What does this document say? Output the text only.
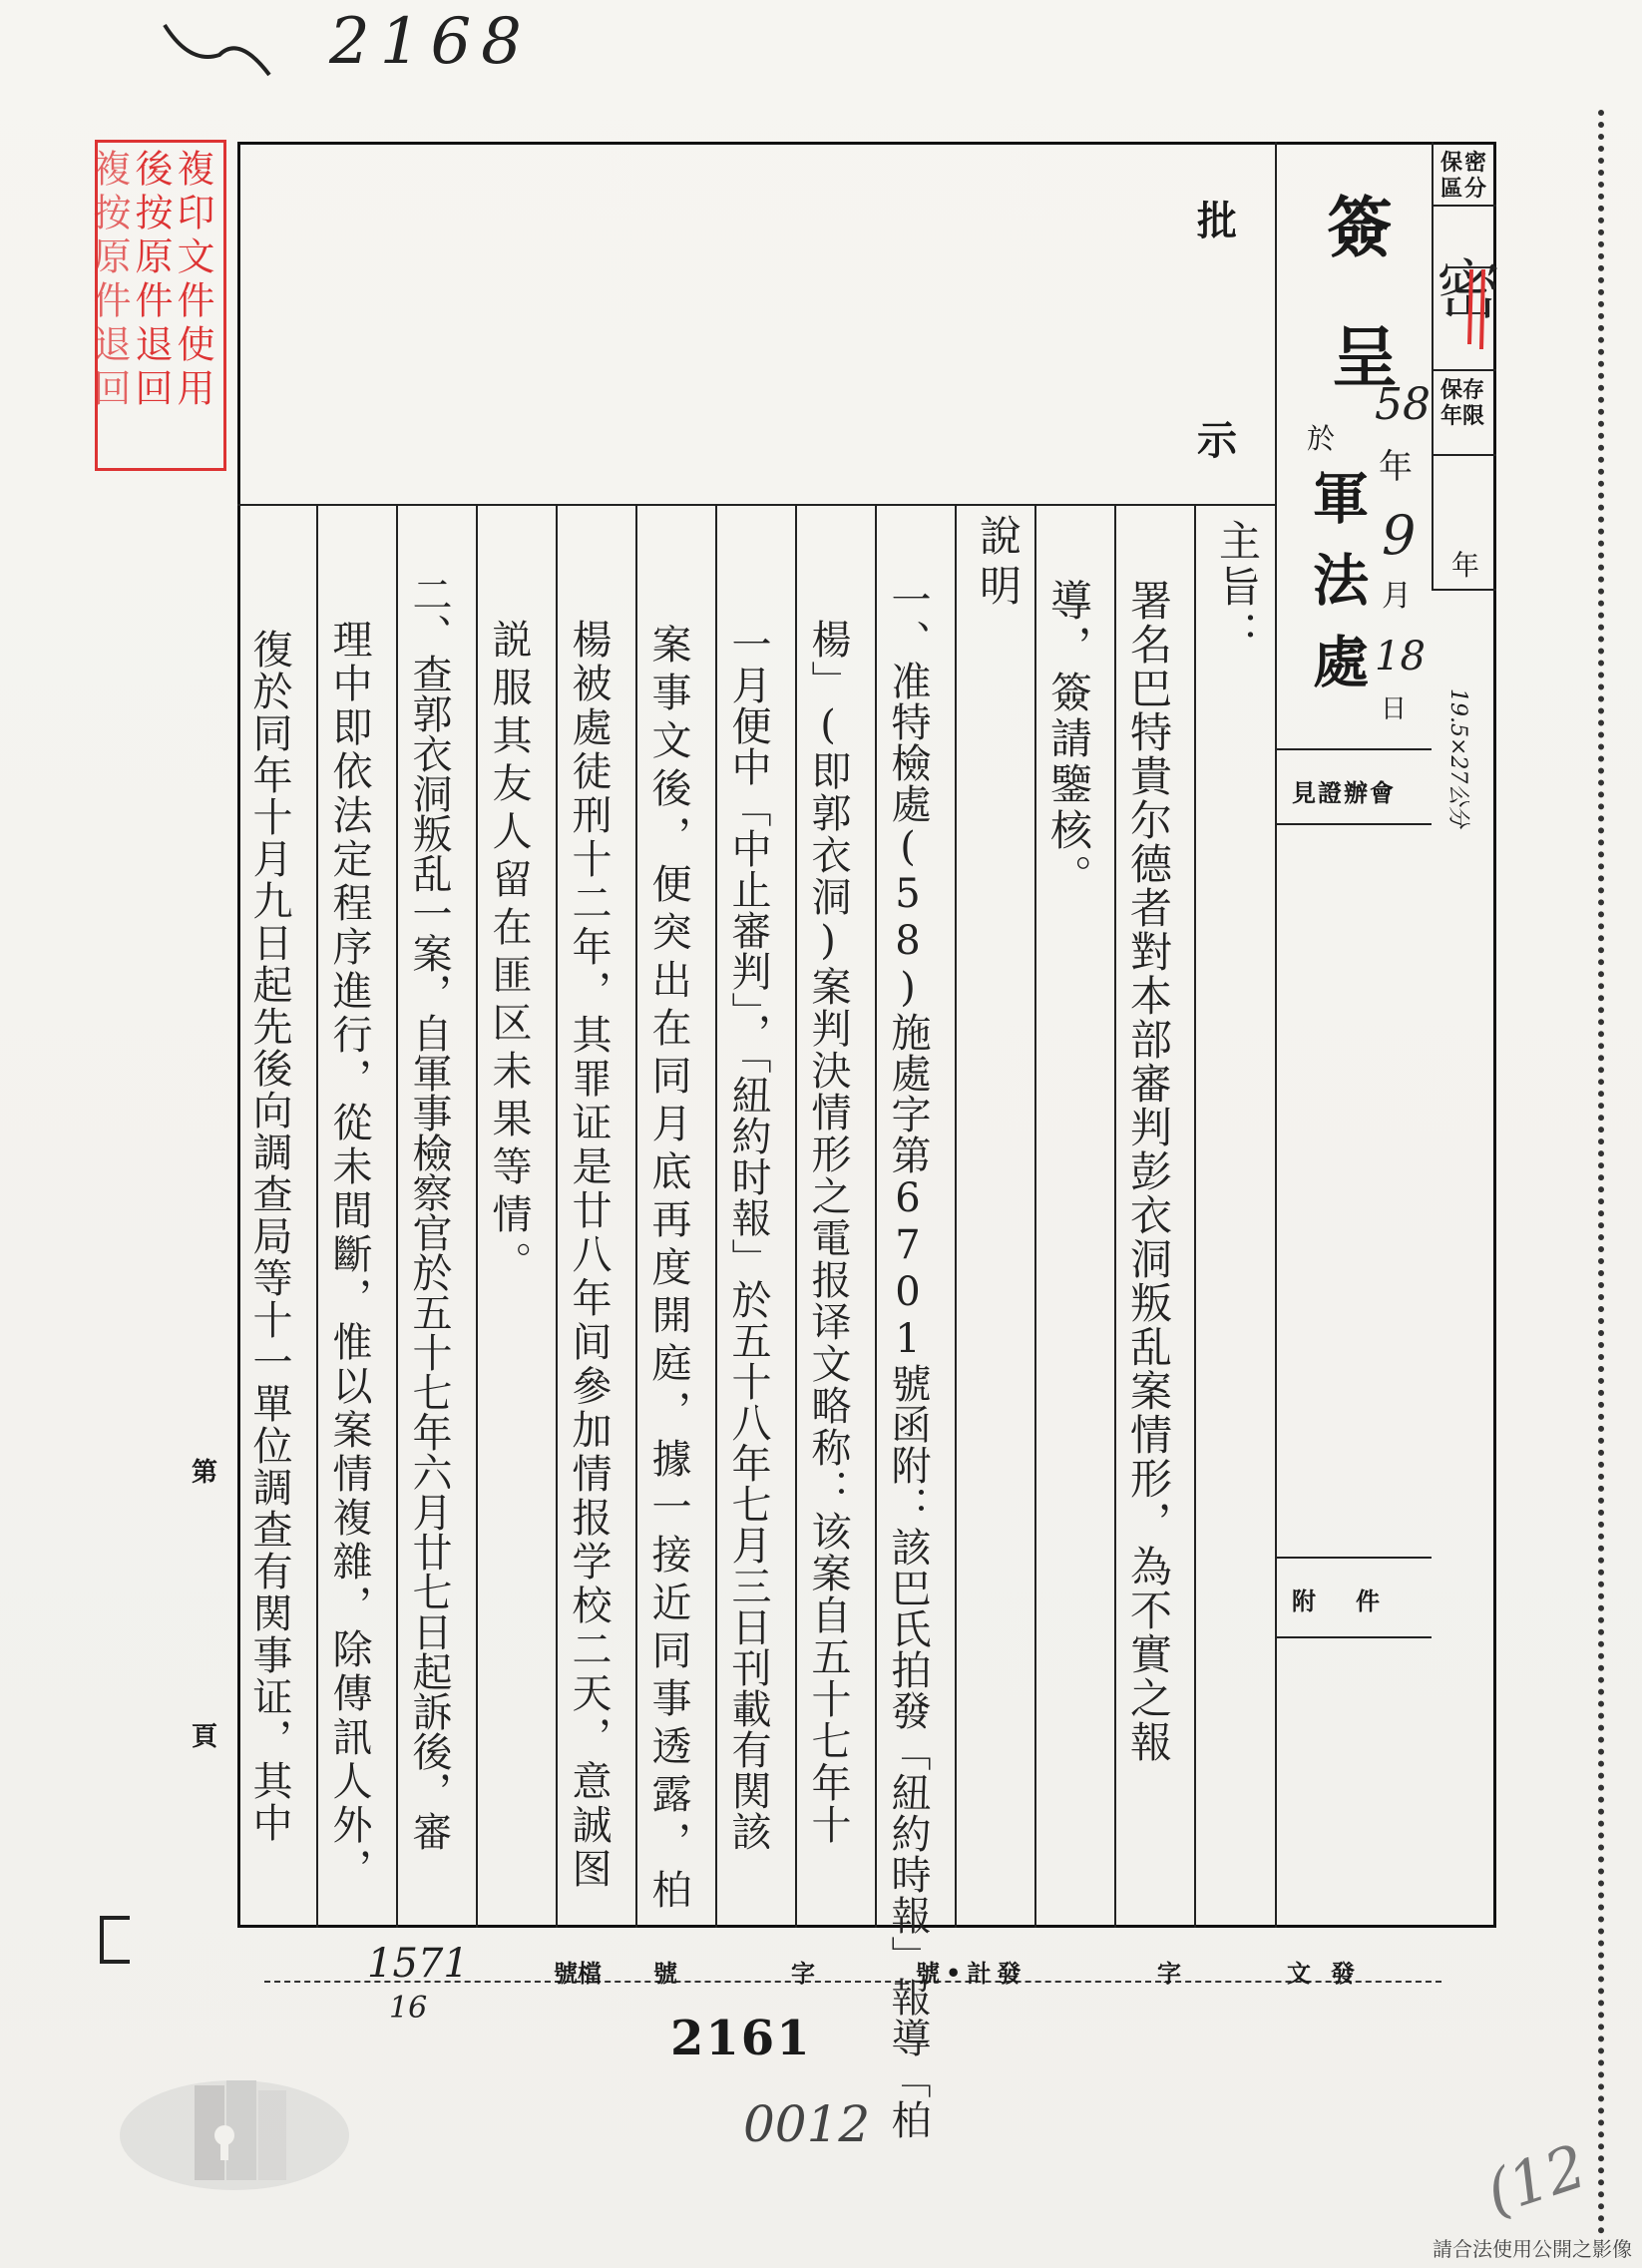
2168
複印文件使用
後按原件退回
複按原件退回	保密區分
密
保存年限
年
簽
呈
58
年
9
月
18
日
於
軍法處
19.5×27公分
見證辦會
附件
批
示
主旨：
署名巴特貴尔德者對本部審判彭衣洞叛乱案情形，為不實之報
導，簽請鑒核。
說明
一、准特檢處(58)施處字第6701號函附：該巴氏拍發「紐約時報」報導「柏
楊」(即郭衣洞)案判決情形之電报译文略称：该案自五十七年十
一月便中「中止審判」，「紐約时報」於五十八年七月三日刊載有関該
案事文後，便突出在同月底再度開庭，據一接近同事透露，柏
楊被處徒刑十二年，其罪证是廿八年间參加情报学校二天，意誠图
説服其友人留在匪区未果等情。
二、查郭衣洞叛乱一案，自軍事檢察官於五十七年六月廿七日起訴後，審
理中即依法定程序進行，從未間斷，惟以案情複雜，除傳訊人外，
復於同年十月九日起先後向調查局等十一單位調查有関事证，其中
第
頁
1571
16
號檔 號	字	號•計發	字	文發
2161
0012
(12
請合法使用公開之影像
